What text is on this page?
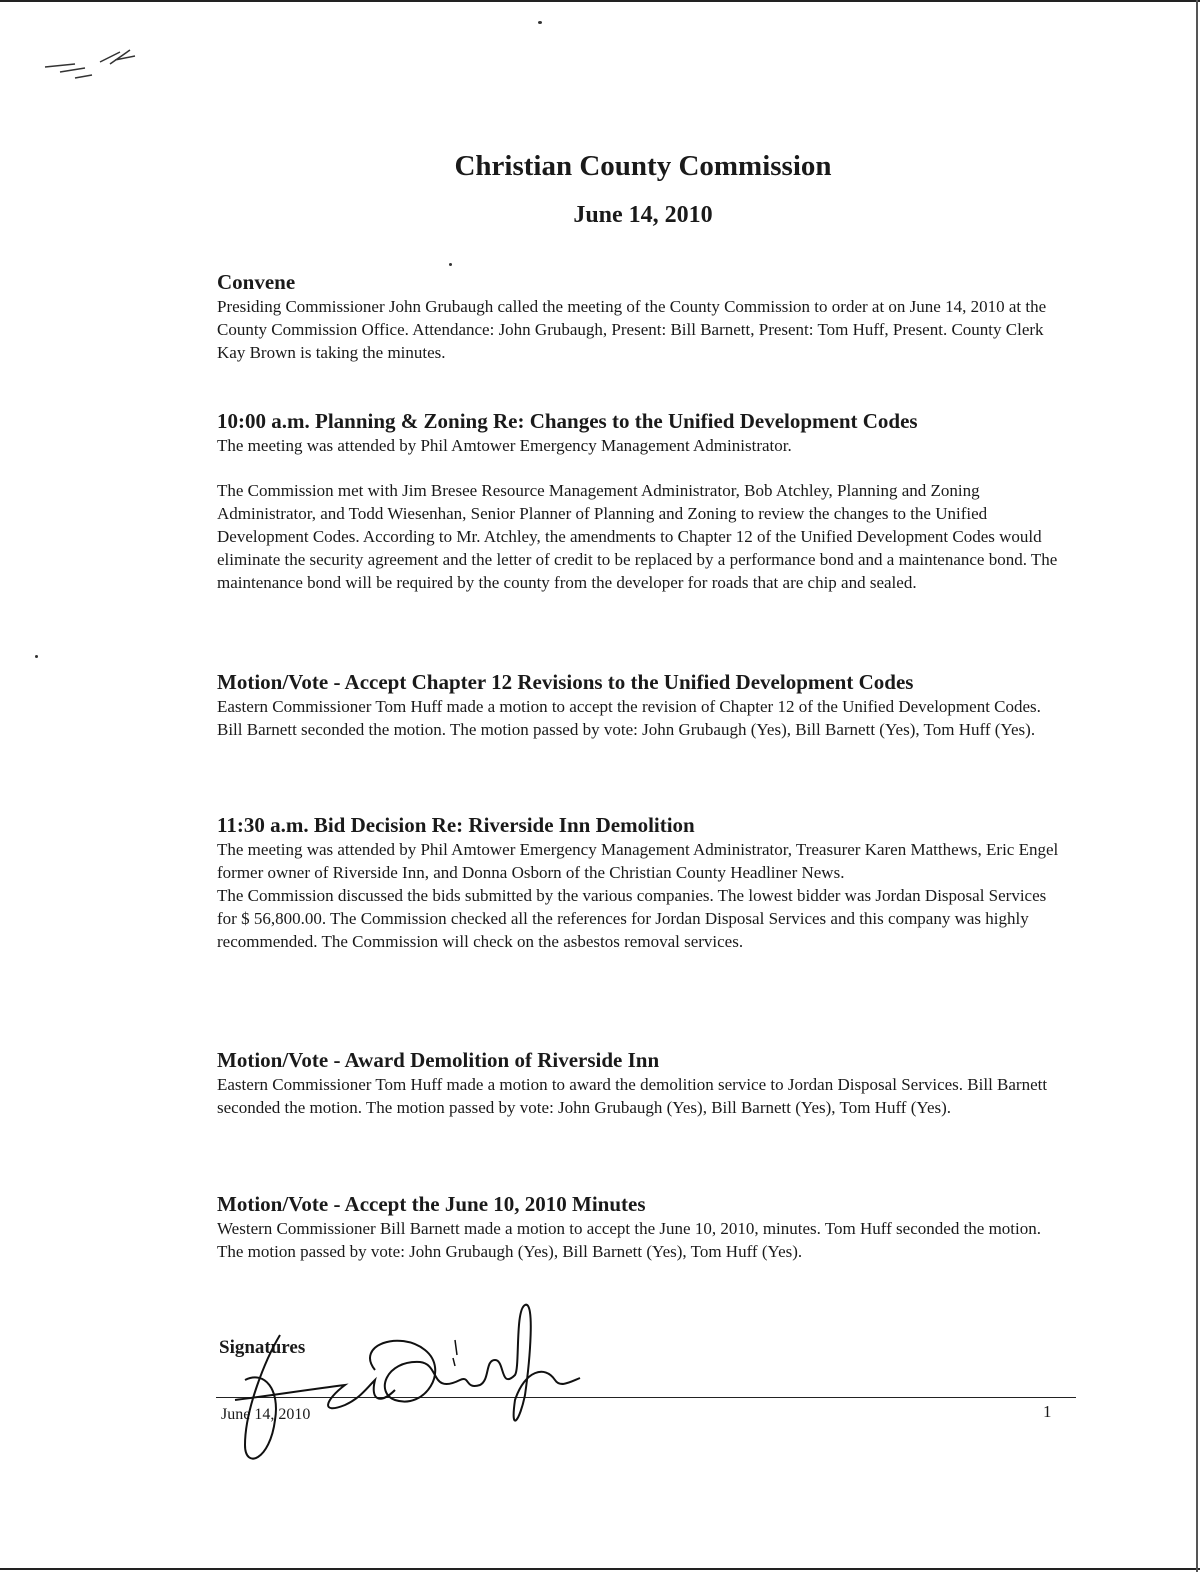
Christian County Commission
June 14, 2010
Convene

Presiding Commissioner John Grubaugh called the meeting of the County Commission to order at on June 14, 2010 at the County Commission Office. Attendance: John Grubaugh, Present: Bill Barnett, Present: Tom Huff, Present. County Clerk Kay Brown is taking the minutes.

10:00 a.m. Planning & Zoning Re: Changes to the Unified Development Codes

The meeting was attended by Phil Amtower Emergency Management Administrator.

The Commission met with Jim Bresee Resource Management Administrator, Bob Atchley, Planning and Zoning Administrator, and Todd Wiesenhan, Senior Planner of Planning and Zoning to review the changes to the Unified Development Codes. According to Mr. Atchley, the amendments to Chapter 12 of the Unified Development Codes would eliminate the security agreement and the letter of credit to be replaced by a performance bond and a maintenance bond. The maintenance bond will be required by the county from the developer for roads that are chip and sealed.

Motion/Vote - Accept Chapter 12 Revisions to the Unified Development Codes

Eastern Commissioner Tom Huff made a motion to accept the revision of Chapter 12 of the Unified Development Codes. Bill Barnett seconded the motion. The motion passed by vote: John Grubaugh (Yes), Bill Barnett (Yes), Tom Huff (Yes).

11:30 a.m. Bid Decision Re: Riverside Inn Demolition

The meeting was attended by Phil Amtower Emergency Management Administrator, Treasurer Karen Matthews, Eric Engel former owner of Riverside Inn, and Donna Osborn of the Christian County Headliner News.

The Commission discussed the bids submitted by the various companies. The lowest bidder was Jordan Disposal Services for $ 56,800.00. The Commission checked all the references for Jordan Disposal Services and this company was highly recommended. The Commission will check on the asbestos removal services.

Motion/Vote - Award Demolition of Riverside Inn

Eastern Commissioner Tom Huff made a motion to award the demolition service to Jordan Disposal Services. Bill Barnett seconded the motion. The motion passed by vote: John Grubaugh (Yes), Bill Barnett (Yes), Tom Huff (Yes).

Motion/Vote - Accept the June 10, 2010 Minutes

Western Commissioner Bill Barnett made a motion to accept the June 10, 2010, minutes. Tom Huff seconded the motion. The motion passed by vote: John Grubaugh (Yes), Bill Barnett (Yes), Tom Huff (Yes).

Signatures
June 14, 2010	1
